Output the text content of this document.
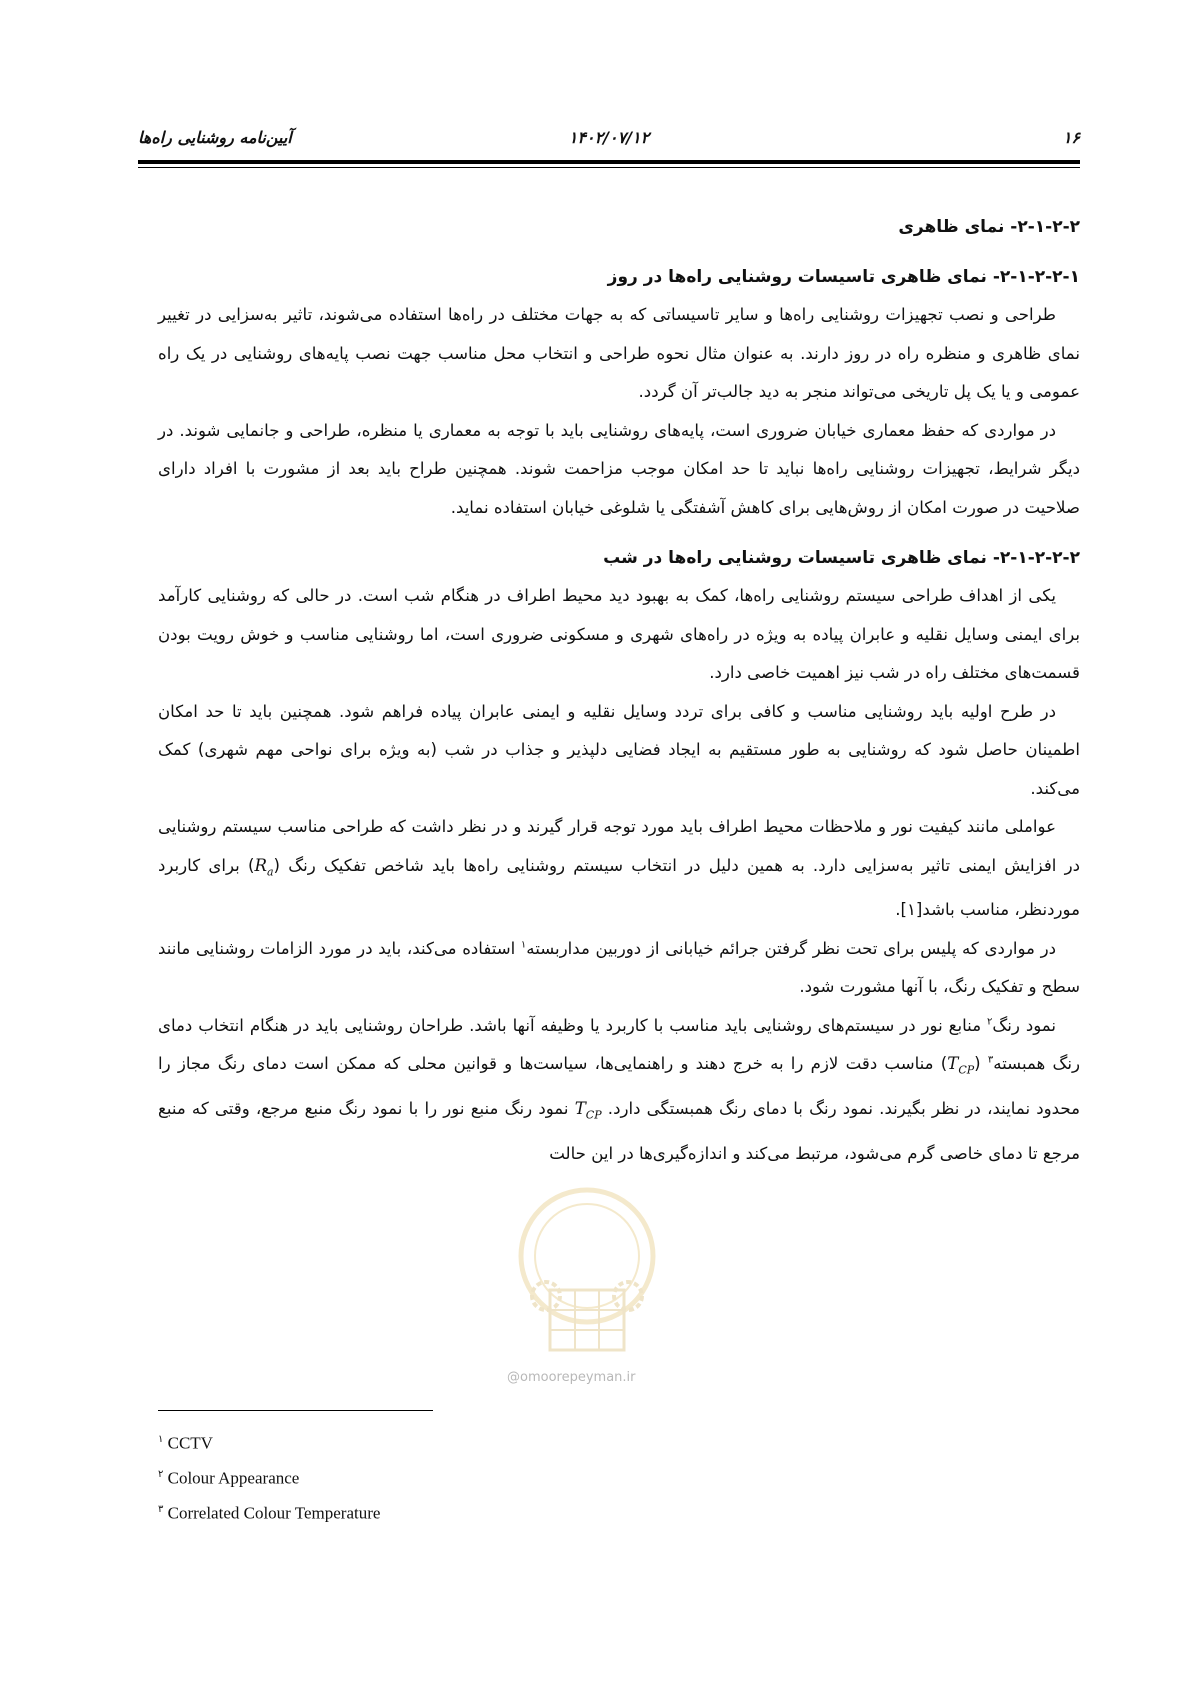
۱۶
۱۴۰۲/۰۷/۱۲
آیین‌نامه روشنایی راه‌ها
@omoorepeyman.ir
۲-۱-۲-۲- نمای ظاهری
۲-۱-۲-۲-۱- نمای ظاهری تاسیسات روشنایی راه‌ها در روز

طراحی و نصب تجهیزات روشنایی راه‌ها و سایر تاسیساتی که به جهات مختلف در راه‌ها استفاده می‌شوند، تاثیر به‌سزایی در تغییر نمای ظاهری و منظره راه در روز دارند. به عنوان مثال نحوه طراحی و انتخاب محل مناسب جهت نصب پایه‌های روشنایی در یک راه عمومی و یا یک پل تاریخی می‌تواند منجر به دید جالب‌تر آن گردد.

در مواردی که حفظ معماری خیابان ضروری است، پایه‌های روشنایی باید با توجه به معماری یا منظره، طراحی و جانمایی شوند. در دیگر شرایط، تجهیزات روشنایی راه‌ها نباید تا حد امکان موجب مزاحمت شوند. همچنین طراح باید بعد از مشورت با افراد دارای صلاحیت در صورت امکان از روش‌هایی برای کاهش آشفتگی یا شلوغی خیابان استفاده نماید.

۲-۱-۲-۲-۲- نمای ظاهری تاسیسات روشنایی راه‌ها در شب

یکی از اهداف طراحی سیستم روشنایی راه‌ها، کمک به بهبود دید محیط اطراف در هنگام شب است. در حالی که روشنایی کارآمد برای ایمنی وسایل نقلیه و عابران پیاده به ویژه در راه‌های شهری و مسکونی ضروری است، اما روشنایی مناسب و خوش رویت بودن قسمت‌های مختلف راه در شب نیز اهمیت خاصی دارد.

در طرح اولیه باید روشنایی مناسب و کافی برای تردد وسایل نقلیه و ایمنی عابران پیاده فراهم شود. همچنین باید تا حد امکان اطمینان حاصل شود که روشنایی به طور مستقیم به ایجاد فضایی دلپذیر و جذاب در شب (به ویژه برای نواحی مهم شهری) کمک می‌کند.

عواملی مانند کیفیت نور و ملاحظات محیط اطراف باید مورد توجه قرار گیرند و در نظر داشت که طراحی مناسب سیستم روشنایی در افزایش ایمنی تاثیر به‌سزایی دارد. به همین دلیل در انتخاب سیستم روشنایی راه‌ها باید شاخص تفکیک رنگ $(R_a)$ برای کاربرد موردنظر، مناسب باشد[۱].

در مواردی که پلیس برای تحت نظر گرفتن جرائم خیابانی از دوربین مداربسته$^۱$ استفاده می‌کند، باید در مورد الزامات روشنایی مانند سطح و تفکیک رنگ، با آنها مشورت شود.

نمود رنگ$^۲$ منابع نور در سیستم‌های روشنایی باید مناسب با کاربرد یا وظیفه آنها باشد. طراحان روشنایی باید در هنگام انتخاب دمای رنگ همبسته$^۳$ $(T_{CP})$ مناسب دقت لازم را به خرج دهند و راهنمایی‌ها، سیاست‌ها و قوانین محلی که ممکن است دمای رنگ مجاز را محدود نمایند، در نظر بگیرند. نمود رنگ با دمای رنگ همبستگی دارد. $T_{CP}$ نمود رنگ منبع نور را با نمود رنگ منبع مرجع، وقتی که منبع مرجع تا دمای خاصی گرم می‌شود، مرتبط می‌کند و اندازه‌گیری‌ها در این حالت

$^۱$ CCTV
$^۲$ Colour Appearance
$^۳$ Correlated Colour Temperature
